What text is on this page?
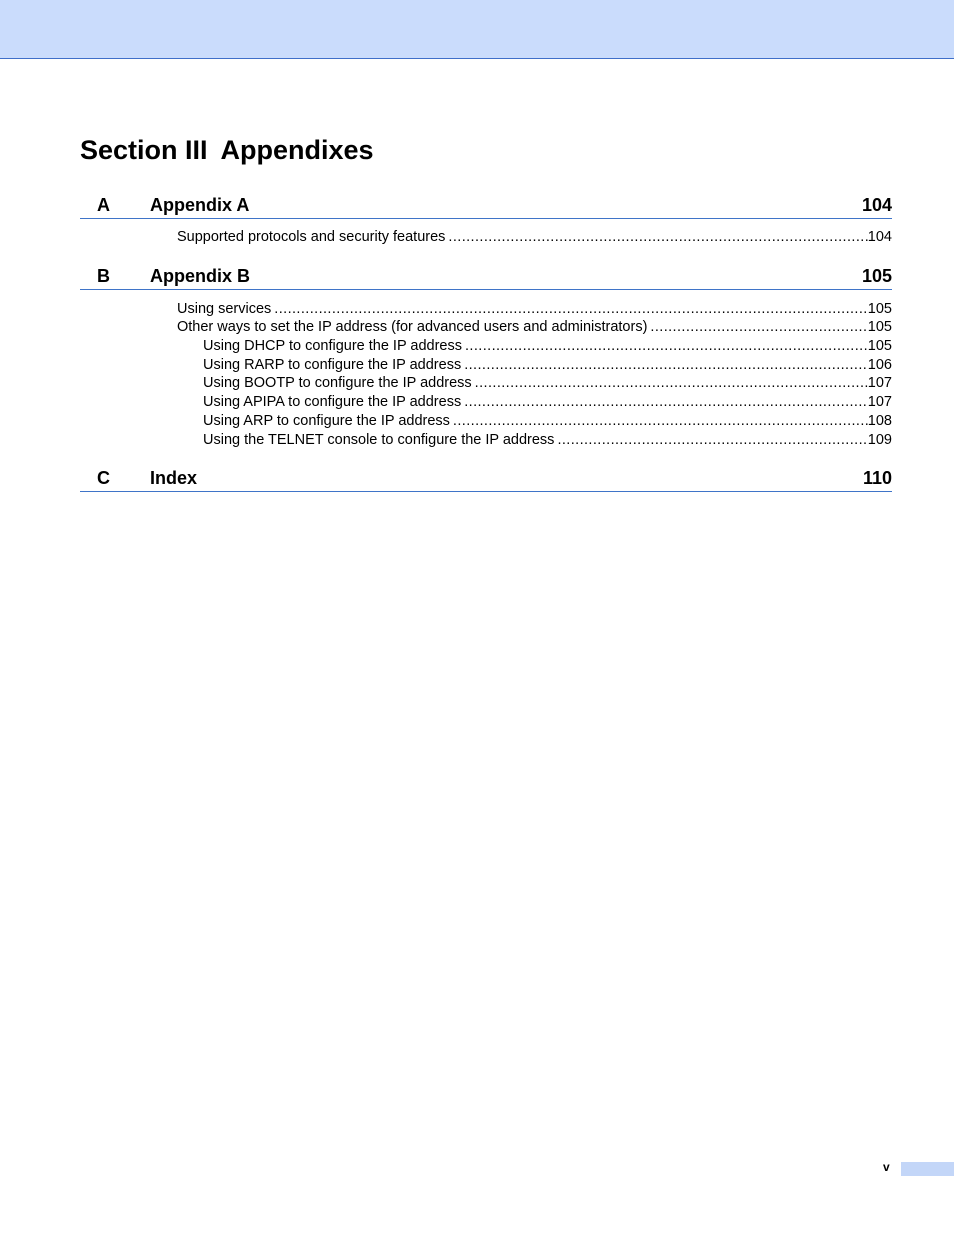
Section III Appendixes
A Appendix A	104
Supported protocols and security features .....	104
B Appendix B	105
Using services .....	105
Other ways to set the IP address (for advanced users and administrators) .....	105
Using DHCP to configure the IP address .....	105
Using RARP to configure the IP address .....	106
Using BOOTP to configure the IP address .....	107
Using APIPA to configure the IP address .....	107
Using ARP to configure the IP address .....	108
Using the TELNET console to configure the IP address .....	109
C Index	110
v
